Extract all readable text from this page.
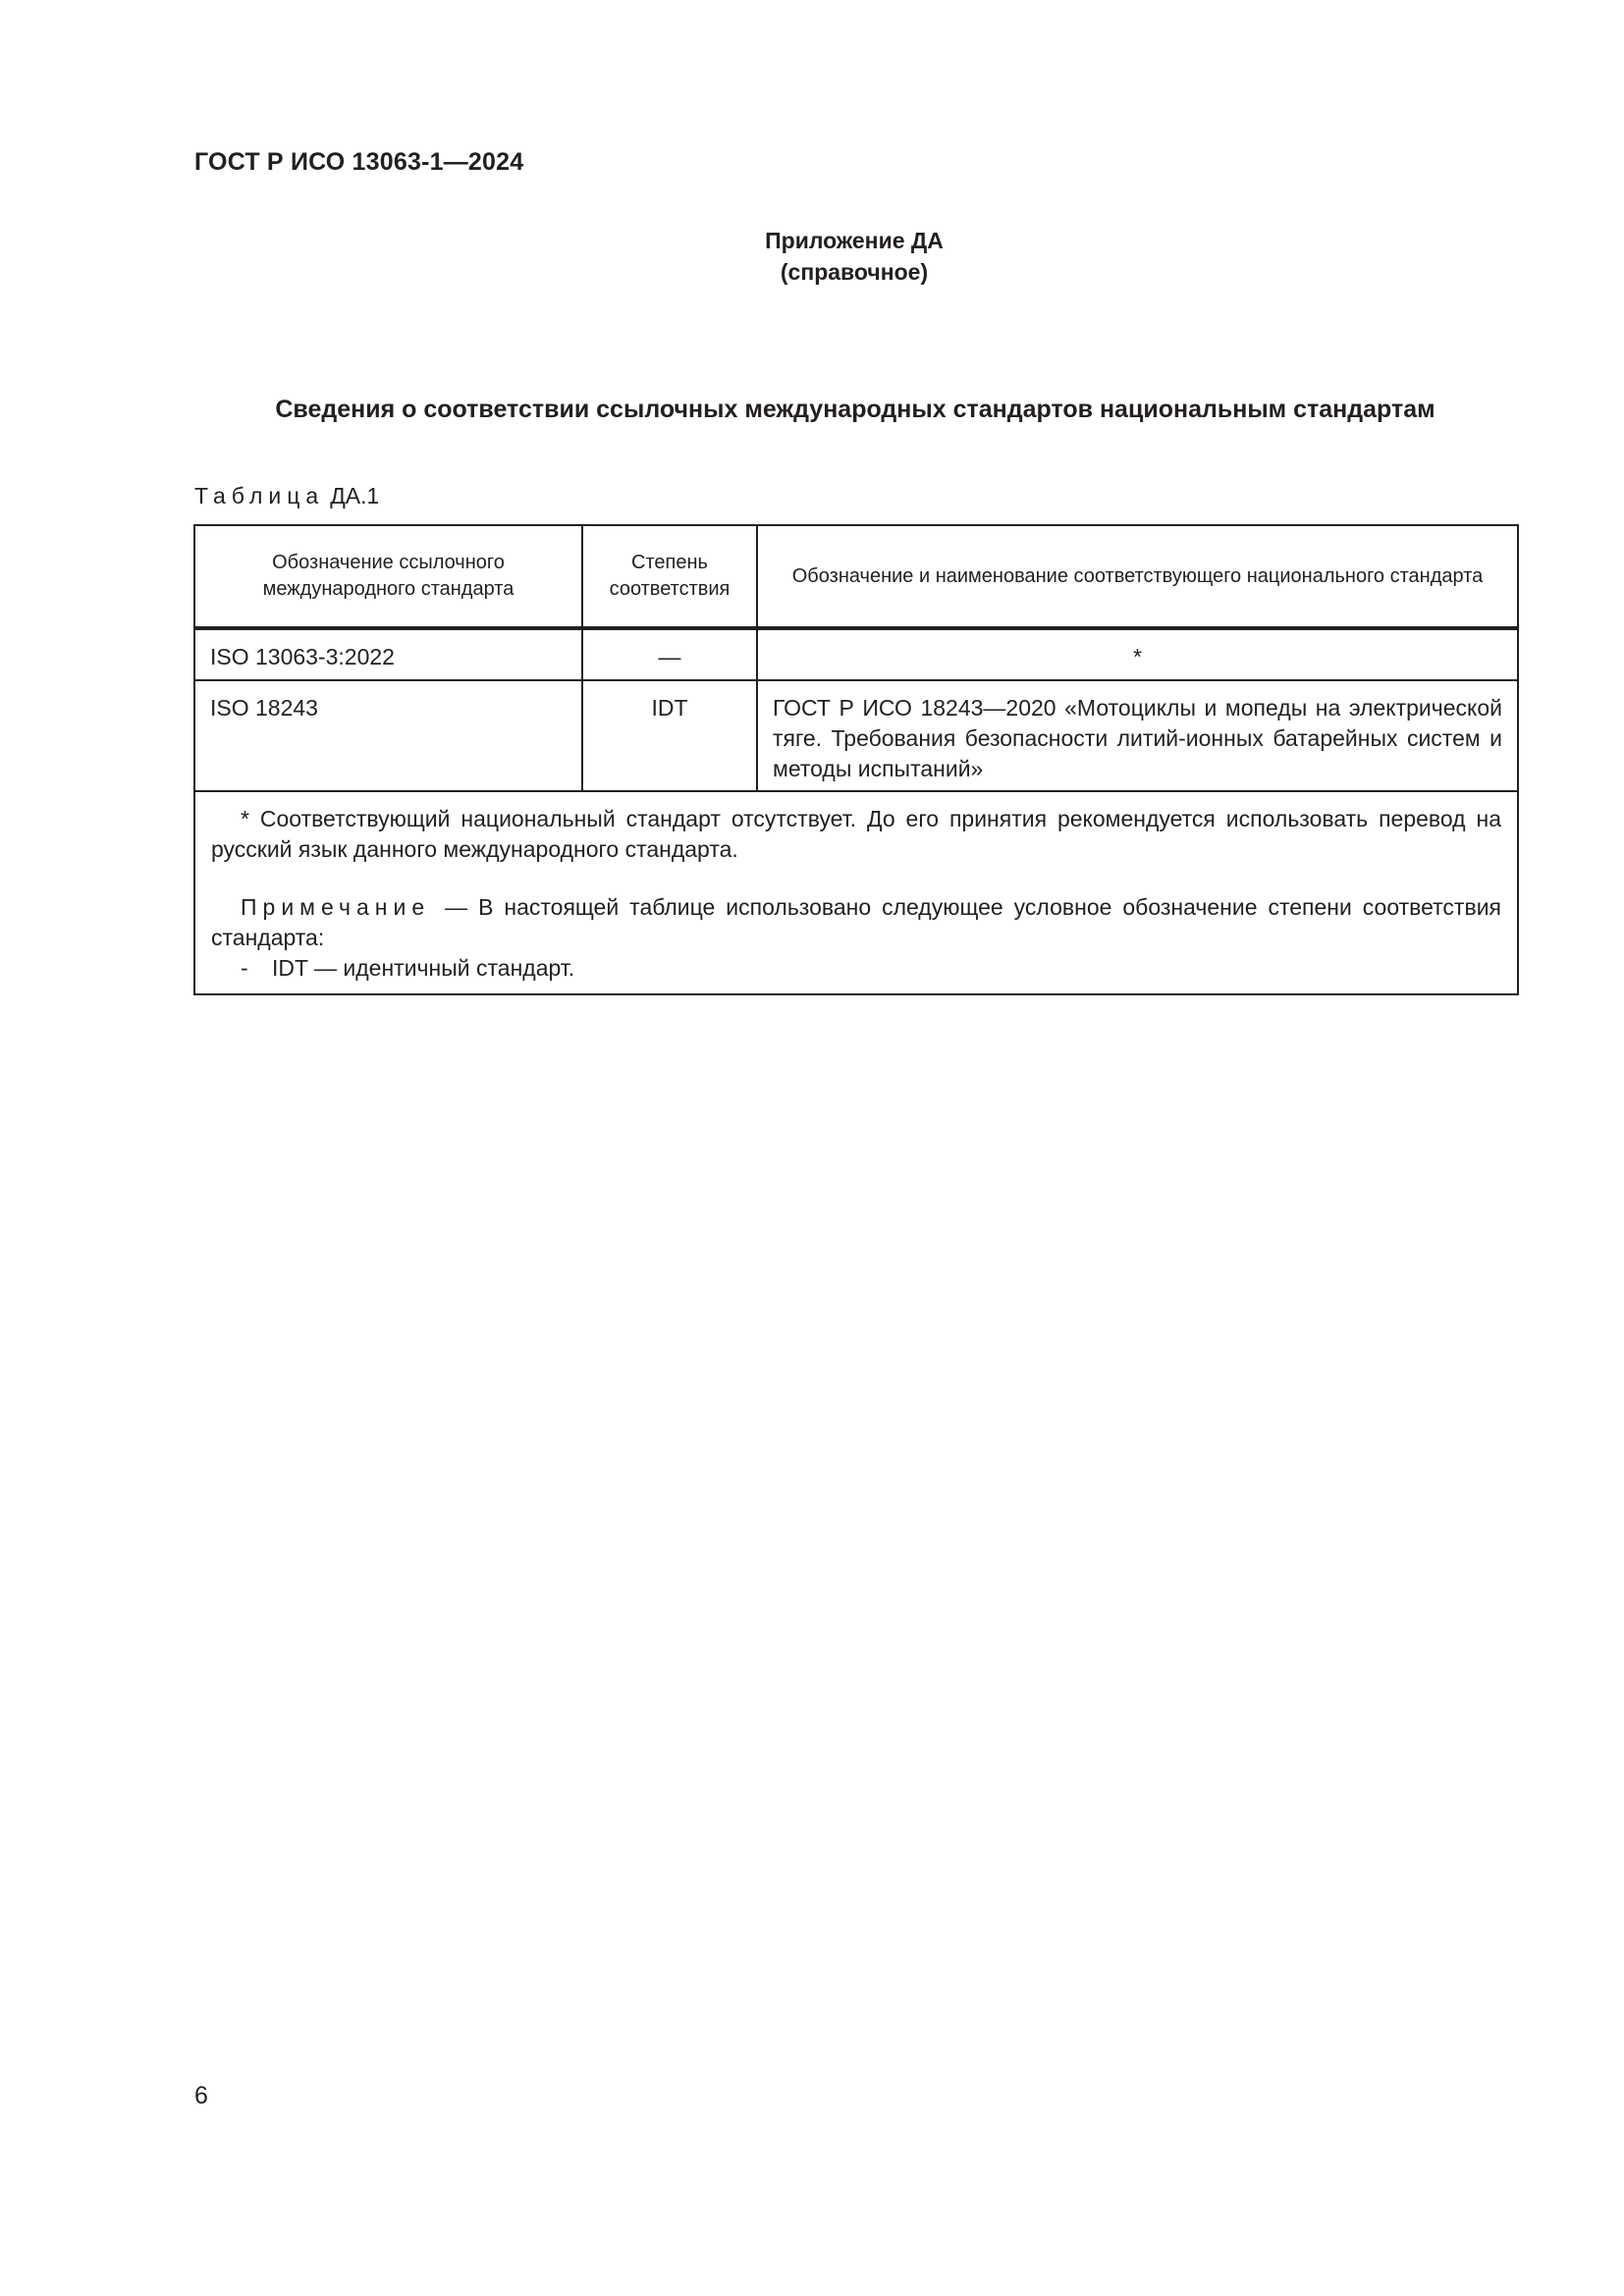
ГОСТ Р ИСО 13063-1—2024
Приложение ДА
(справочное)
Сведения о соответствии ссылочных международных стандартов национальным стандартам
Таблица ДА.1
Обозначение ссылочного международного стандарта	Степень соответствия	Обозначение и наименование соответствующего национального стандарта
ISO 13063-3:2022	—	*
ISO 18243	IDT	ГОСТ Р ИСО 18243—2020 «Мотоциклы и мопеды на электрической тяге. Требования безопасности литий-ионных батарейных систем и методы испытаний»

* Соответствующий национальный стандарт отсутствует. До его принятия рекомендуется использовать перевод на русский язык данного международного стандарта.

Примечание — В настоящей таблице использовано следующее условное обозначение степени соответствия стандарта:

- IDT — идентичный стандарт.		

6
